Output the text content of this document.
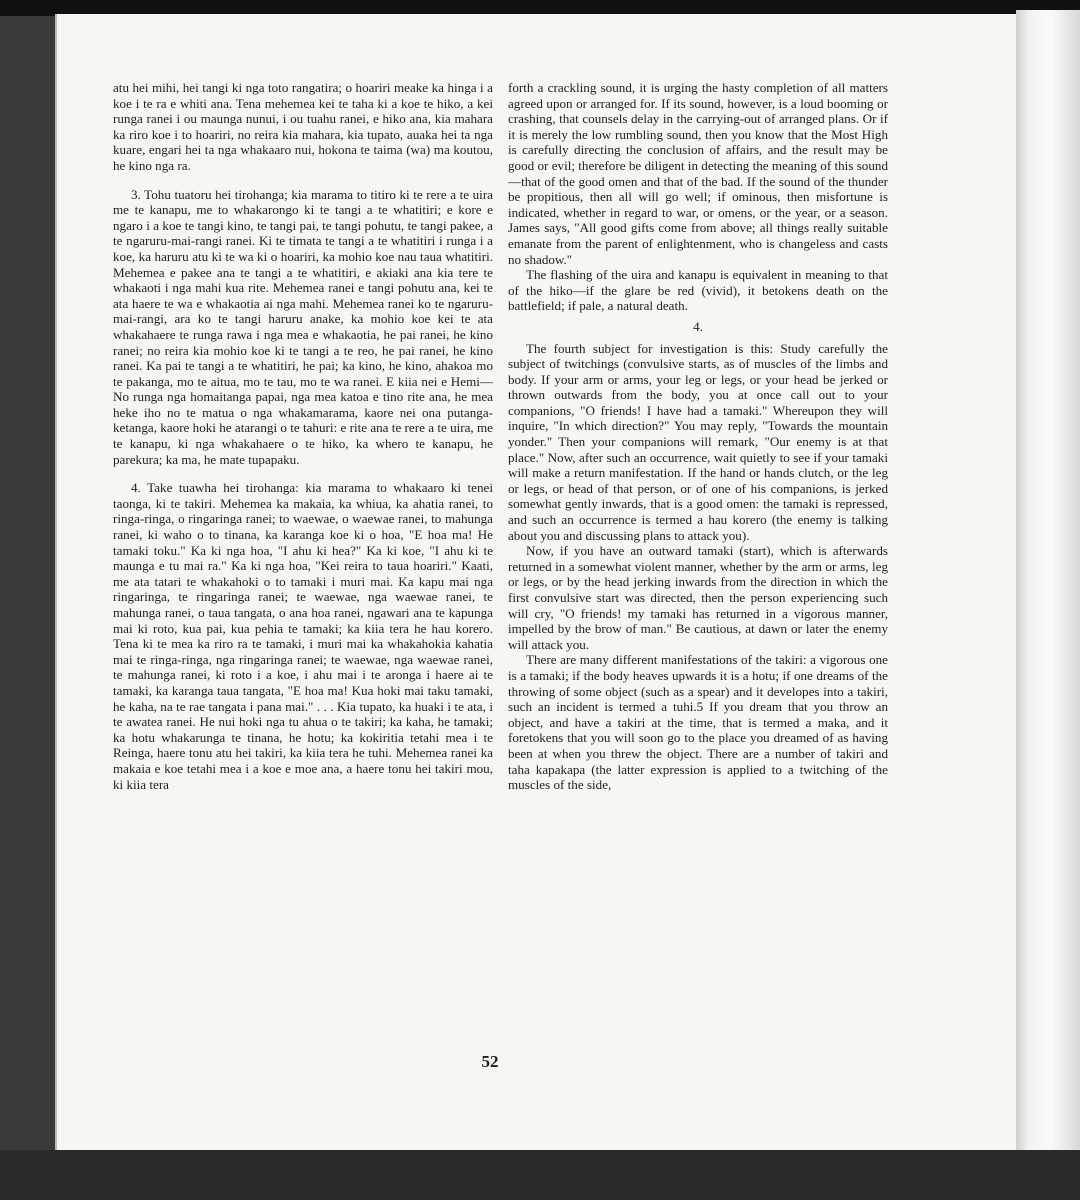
atu hei mihi, hei tangi ki nga toto rangatira; o hoariri meake ka hinga i a koe i te ra e whiti ana. Tena mehemea kei te taha ki a koe te hiko, a kei runga ranei i ou maunga nunui, i ou tuahu ranei, e hiko ana, kia mahara ka riro koe i to hoariri, no reira kia mahara, kia tupato, auaka hei ta nga kuare, engari hei ta nga whakaaro nui, hokona te taima (wa) ma koutou, he kino nga ra.

3. Tohu tuatoru hei tirohanga; kia marama to titiro ki te rere a te uira me te kanapu, me to whakarongo ki te tangi a te whatitiri; e kore e ngaro i a koe te tangi kino, te tangi pai, te tangi pohutu, te tangi pakee, a te ngaruru-mai-rangi ranei. Ki te timata te tangi a te whatitiri i runga i a koe, ka haruru atu ki te wa ki o hoariri, ka mohio koe nau taua whatitiri. Mehemea e pakee ana te tangi a te whatitiri, e akiaki ana kia tere te whakaoti i nga mahi kua rite. Mehemea ranei e tangi pohutu ana, kei te ata haere te wa e whakaotia ai nga mahi. Mehemea ranei ko te ngaruru-mai-rangi, ara ko te tangi haruru anake, ka mohio koe kei te ata whakahaere te runga rawa i nga mea e whakaotia, he pai ranei, he kino ranei; no reira kia mohio koe ki te tangi a te reo, he pai ranei, he kino ranei. Ka pai te tangi a te whatitiri, he pai; ka kino, he kino, ahakoa mo te pakanga, mo te aitua, mo te tau, mo te wa ranei. E kiia nei e Hemi—No runga nga homaitanga papai, nga mea katoa e tino rite ana, he mea heke iho no te matua o nga whakamarama, kaore nei ona putanga-ketanga, kaore hoki he atarangi o te tahuri: e rite ana te rere a te uira, me te kanapu, ki nga whakahaere o te hiko, ka whero te kanapu, he parekura; ka ma, he mate tupapaku.

4. Take tuawha hei tirohanga: kia marama to whakaaro ki tenei taonga, ki te takiri. Mehemea ka makaia, ka whiua, ka ahatia ranei, to ringa-ringa, o ringaringa ranei; to waewae, o waewae ranei, to mahunga ranei, ki waho o to tinana, ka karanga koe ki o hoa, "E hoa ma! He tamaki toku." Ka ki nga hoa, "I ahu ki hea?" Ka ki koe, "I ahu ki te maunga e tu mai ra." Ka ki nga hoa, "Kei reira to taua hoariri." Kaati, me ata tatari te whakahoki o to tamaki i muri mai. Ka kapu mai nga ringaringa, te ringaringa ranei; te waewae, nga waewae ranei, te mahunga ranei, o taua tangata, o ana hoa ranei, ngawari ana te kapunga mai ki roto, kua pai, kua pehia te tamaki; ka kiia tera he hau korero. Tena ki te mea ka riro ra te tamaki, i muri mai ka whakahokia kahatia mai te ringa-ringa, nga ringaringa ranei; te waewae, nga waewae ranei, te mahunga ranei, ki roto i a koe, i ahu mai i te aronga i haere ai te tamaki, ka karanga taua tangata, "E hoa ma! Kua hoki mai taku tamaki, he kaha, na te rae tangata i pana mai." . . . Kia tupato, ka huaki i te ata, i te awatea ranei. He nui hoki nga tu ahua o te takiri; ka kaha, he tamaki; ka hotu whakarunga te tinana, he hotu; ka kokiritia tetahi mea i te Reinga, haere tonu atu hei takiri, ka kiia tera he tuhi. Mehemea ranei ka makaia e koe tetahi mea i a koe e moe ana, a haere tonu hei takiri mou, ki kiia tera

forth a crackling sound, it is urging the hasty completion of all matters agreed upon or arranged for. If its sound, however, is a loud booming or crashing, that counsels delay in the carrying-out of arranged plans. Or if it is merely the low rumbling sound, then you know that the Most High is carefully directing the conclusion of affairs, and the result may be good or evil; therefore be diligent in detecting the meaning of this sound—that of the good omen and that of the bad. If the sound of the thunder be propitious, then all will go well; if ominous, then misfortune is indicated, whether in regard to war, or omens, or the year, or a season. James says, "All good gifts come from above; all things really suitable emanate from the parent of enlightenment, who is changeless and casts no shadow."

The flashing of the uira and kanapu is equivalent in meaning to that of the hiko—if the glare be red (vivid), it betokens death on the battlefield; if pale, a natural death.

4.

The fourth subject for investigation is this: Study carefully the subject of twitchings (convulsive starts, as of muscles of the limbs and body. If your arm or arms, your leg or legs, or your head be jerked or thrown outwards from the body, you at once call out to your companions, "O friends! I have had a tamaki." Whereupon they will inquire, "In which direction?" You may reply, "Towards the mountain yonder." Then your companions will remark, "Our enemy is at that place." Now, after such an occurrence, wait quietly to see if your tamaki will make a return manifestation. If the hand or hands clutch, or the leg or legs, or head of that person, or of one of his companions, is jerked somewhat gently inwards, that is a good omen: the tamaki is repressed, and such an occurrence is termed a hau korero (the enemy is talking about you and discussing plans to attack you).

Now, if you have an outward tamaki (start), which is afterwards returned in a somewhat violent manner, whether by the arm or arms, leg or legs, or by the head jerking inwards from the direction in which the first convulsive start was directed, then the person experiencing such will cry, "O friends! my tamaki has returned in a vigorous manner, impelled by the brow of man." Be cautious, at dawn or later the enemy will attack you.

There are many different manifestations of the takiri: a vigorous one is a tamaki; if the body heaves upwards it is a hotu; if one dreams of the throwing of some object (such as a spear) and it developes into a takiri, such an incident is termed a tuhi.5 If you dream that you throw an object, and have a takiri at the time, that is termed a maka, and it foretokens that you will soon go to the place you dreamed of as having been at when you threw the object. There are a number of takiri and taha kapakapa (the latter expression is applied to a twitching of the muscles of the side,

52
